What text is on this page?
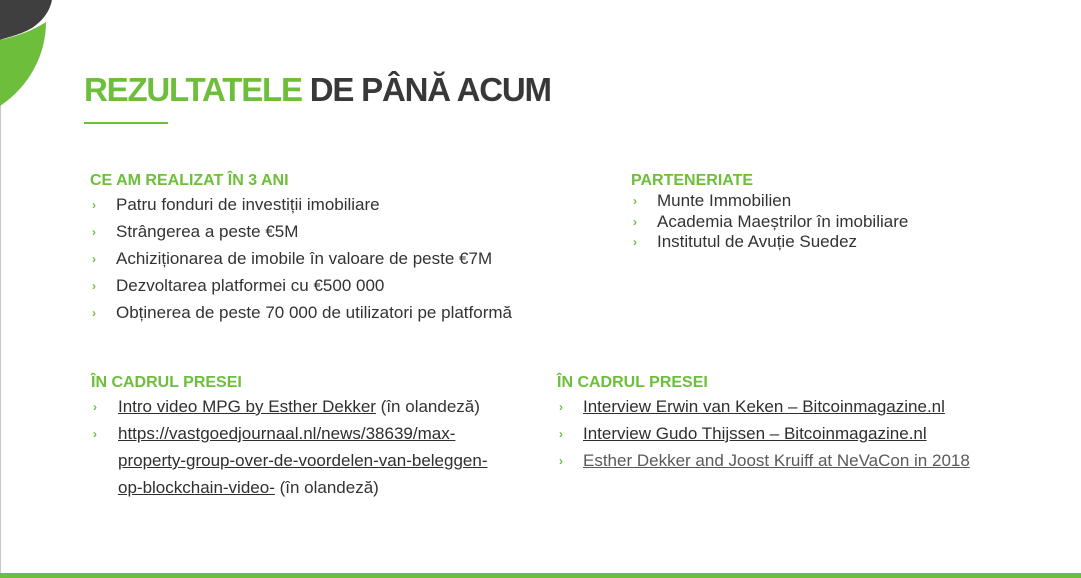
REZULTATELE DE PÂNĂ ACUM
CE AM REALIZAT ÎN 3 ANI
›	Patru fonduri de investiții imobiliare
›	Strângerea a peste €5M
›	Achiziționarea de imobile în valoare de peste €7M
›	Dezvoltarea platformei cu €500 000
›	Obținerea de peste 70 000 de utilizatori pe platformă
PARTENERIATE
›	Munte Immobilien
›	Academia Maeștrilor în imobiliare
›	Institutul de Avuție Suedez
ÎN CADRUL PRESEI
›	Intro video MPG by Esther Dekker (în olandeză)
›	https://vastgoedjournaal.nl/news/38639/max-
property-group-over-de-voordelen-van-beleggen-
op-blockchain-video- (în olandeză)
ÎN CADRUL PRESEI
›	Interview Erwin van Keken – Bitcoinmagazine.nl
›	Interview Gudo Thijssen – Bitcoinmagazine.nl
›	Esther Dekker and Joost Kruiff at NeVaCon in 2018
